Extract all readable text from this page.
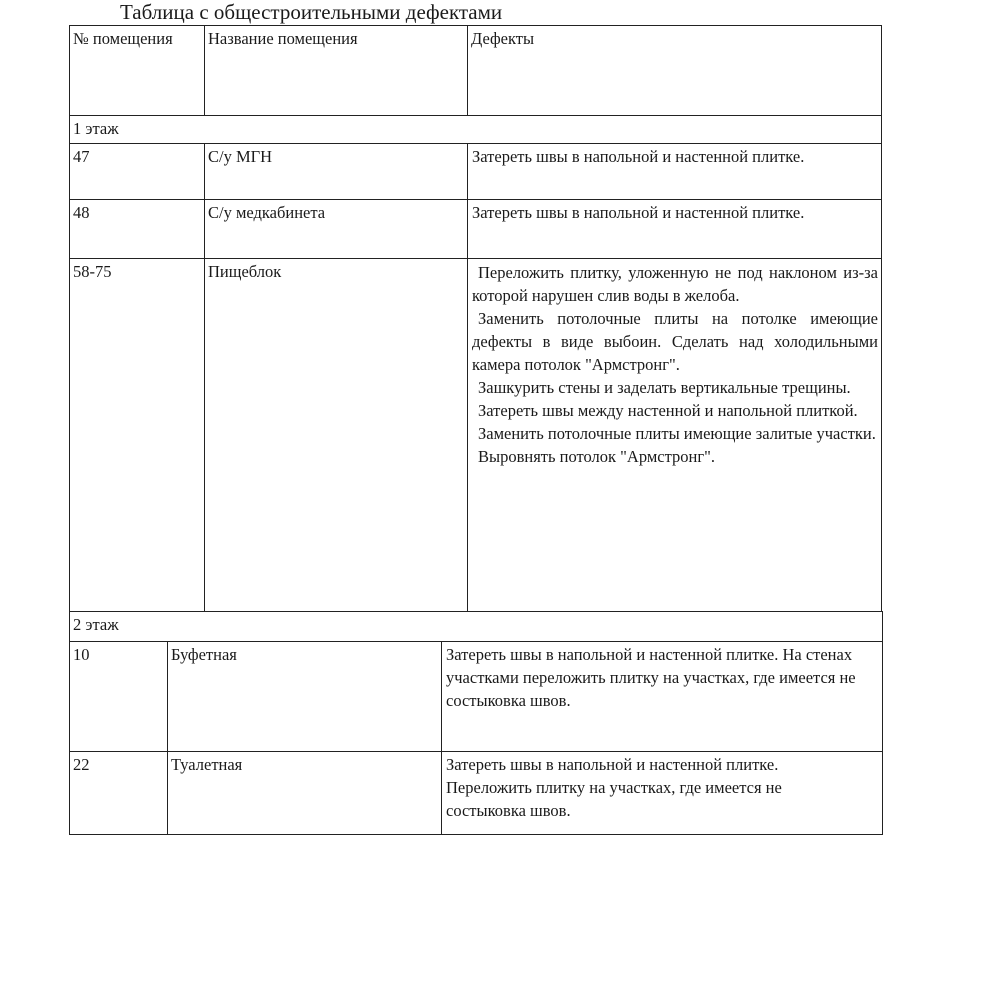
Таблица с общестроительными дефектами
№ помещения	Название помещения	Дефекты
1 этаж
47	С/у МГН	Затереть швы в напольной и настенной плитке.
48	С/у медкабинета	Затереть швы в напольной и настенной плитке.
58-75	Пищеблок	Переложить плитку, уложенную не под наклоном из-за которой нарушен слив воды в желоба.

Заменить потолочные плиты на потолке имеющие дефекты в виде выбоин. Сделать над холодильными камера потолок "Армстронг".

Зашкурить стены и заделать вертикальные трещины.

Затереть швы между настенной и напольной плиткой.

Заменить потолочные плиты имеющие залитые участки.

Выровнять потолок "Армстронг".

2 этаж
10	Буфетная	Затереть швы в напольной и настенной плитке. На стенах участками переложить плитку на участках, где имеется не состыковка швов.
22	Туалетная	Затереть швы в напольной и настенной плитке. Переложить плитку на участках, где имеется не состыковка швов.
